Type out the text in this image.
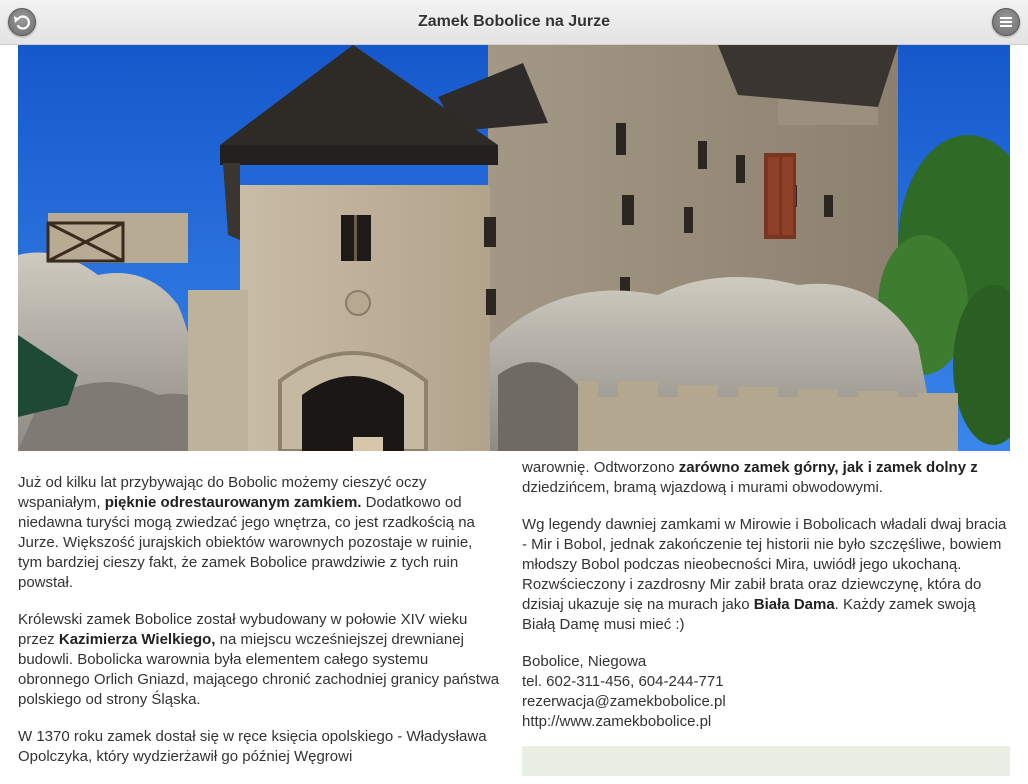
Zamek Bobolice na Jurze

Już od kilku lat przybywając do Bobolic możemy cieszyć oczy wspaniałym, pięknie odrestaurowanym zamkiem. Dodatkowo od niedawna turyści mogą zwiedzać jego wnętrza, co jest rzadkością na Jurze. Większość jurajskich obiektów warownych pozostaje w ruinie, tym bardziej cieszy fakt, że zamek Bobolice prawdziwie z tych ruin powstał.

Królewski zamek Bobolice został wybudowany w połowie XIV wieku przez Kazimierza Wielkiego, na miejscu wcześniejszej drewnianej budowli. Bobolicka warownia była elementem całego systemu obronnego Orlich Gniazd, mającego chronić zachodniej granicy państwa polskiego od strony Śląska.

W 1370 roku zamek dostał się w ręce księcia opolskiego - Władysława Opolczyka, który wydzierżawił go później Węgrowi

warownię. Odtworzono zarówno zamek górny, jak i zamek dolny z
dziedzińcem, bramą wjazdową i murami obwodowymi.

Wg legendy dawniej zamkami w Mirowie i Bobolicach władali dwaj bracia - Mir i Bobol, jednak zakończenie tej historii nie było szczęśliwe, bowiem młodszy Bobol podczas nieobecności Mira, uwiódł jego ukochaną. Rozwścieczony i zazdrosny Mir zabił brata oraz dziewczynę, która do dzisiaj ukazuje się na murach jako Biała Dama. Każdy zamek swoją Białą Damę musi mieć :)

Bobolice, Niegowa
tel. 602-311-456, 604-244-771
rezerwacja@zamekbobolice.pl
http://www.zamekbobolice.pl
